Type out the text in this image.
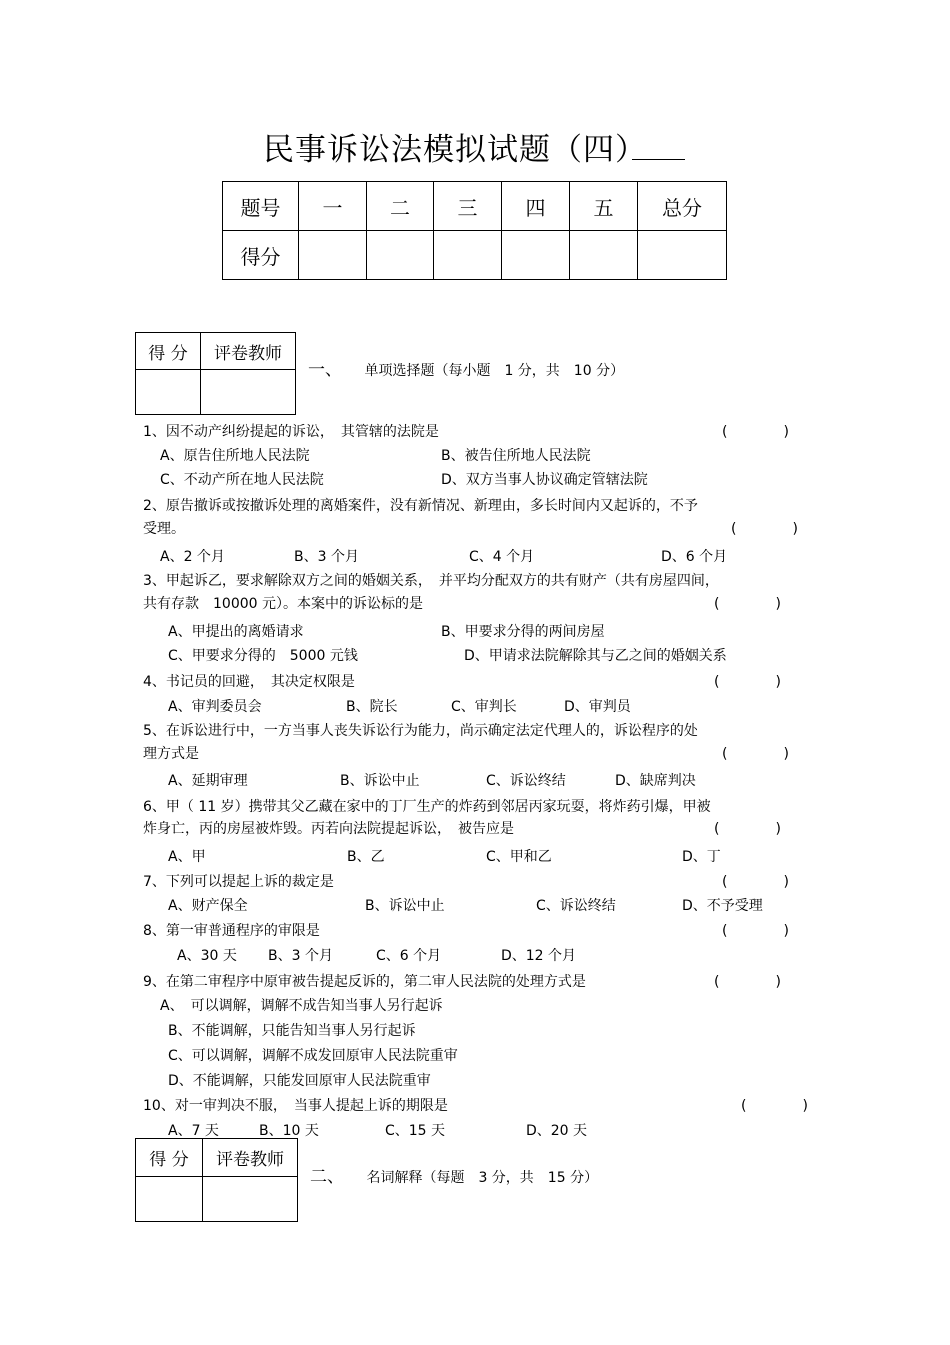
民事诉讼法模拟试题（四）
题号	一	二	三	四	五	总分
得分						
得 分	评卷教师

一、 单项选择题（每小题　1 分，共　10 分）
1、因不动产纠纷提起的诉讼，　其管辖的法院是	(　　　　)
A、原告住所地人民法院	B、被告住所地人民法院
C、不动产所在地人民法院	D、双方当事人协议确定管辖法院
2、原告撤诉或按撤诉处理的离婚案件，没有新情况、新理由，多长时间内又起诉的，不予
受理。	(　　　　)
A、2 个月	B、3 个月	C、4 个月	D、6 个月
3、甲起诉乙，要求解除双方之间的婚姻关系，　并平均分配双方的共有财产（共有房屋四间，
共有存款　10000 元）。本案中的诉讼标的是	(　　　　)
A、甲提出的离婚请求	B、甲要求分得的两间房屋
C、甲要求分得的　5000 元钱	D、甲请求法院解除其与乙之间的婚姻关系
4、书记员的回避，　其决定权限是	(　　　　)
A、审判委员会	B、院长	C、审判长	D、审判员
5、在诉讼进行中，一方当事人丧失诉讼行为能力，尚示确定法定代理人的，诉讼程序的处
理方式是	(　　　　)
A、延期审理	B、诉讼中止	C、诉讼终结	D、缺席判决
6、甲（ 11 岁）携带其父乙藏在家中的丁厂生产的炸药到邻居丙家玩耍，将炸药引爆，甲被
炸身亡，丙的房屋被炸毁。丙若向法院提起诉讼，　被告应是	(　　　　)
A、甲	B、乙	C、甲和乙	D、丁
7、下列可以提起上诉的裁定是	(　　　　)
A、财产保全	B、诉讼中止	C、诉讼终结	D、不予受理
8、第一审普通程序的审限是	(　　　　)
A、30 天 B、3 个月	C、6 个月	D、12 个月
9、在第二审程序中原审被告提起反诉的，第二审人民法院的处理方式是	(　　　　)
A、　可以调解，调解不成告知当事人另行起诉
B、不能调解，只能告知当事人另行起诉
C、可以调解，调解不成发回原审人民法院重审
D、不能调解，只能发回原审人民法院重审
10、对一审判决不服，　当事人提起上诉的期限是	(　　　　)
A、7 天	B、10 天	C、15 天	D、20 天
得 分	评卷教师

二、 名词解释（每题　3 分，共　15 分）
